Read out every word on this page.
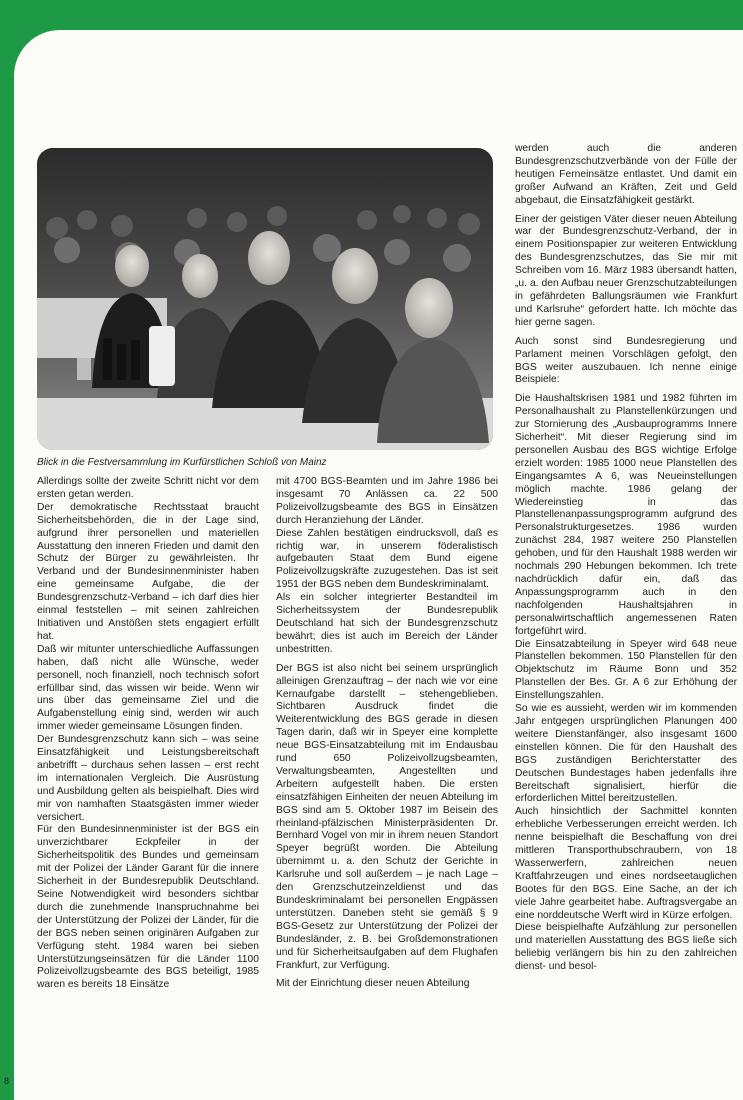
Blick in die Festversammlung im Kurfürstlichen Schloß von Mainz

Allerdings sollte der zweite Schritt nicht vor dem ersten getan werden.

Der demokratische Rechtsstaat braucht Sicherheitsbehörden, die in der Lage sind, aufgrund ihrer personellen und materiellen Ausstattung den inneren Frieden und damit den Schutz der Bürger zu gewährleisten. Ihr Verband und der Bundesinnenminister haben eine gemeinsame Aufgabe, die der Bundesgrenzschutz-Verband – ich darf dies hier einmal feststellen – mit seinen zahlreichen Initiativen und Anstößen stets engagiert erfüllt hat.

Daß wir mitunter unterschiedliche Auffassungen haben, daß nicht alle Wünsche, weder personell, noch finanziell, noch technisch sofort erfüllbar sind, das wissen wir beide. Wenn wir uns über das gemeinsame Ziel und die Aufgabenstellung einig sind, werden wir auch immer wieder gemeinsame Lösungen finden.

Der Bundesgrenzschutz kann sich – was seine Einsatzfähigkeit und Leistungsbereitschaft anbetrifft – durchaus sehen lassen – erst recht im internationalen Vergleich. Die Ausrüstung und Ausbildung gelten als beispielhaft. Dies wird mir von namhaften Staatsgästen immer wieder versichert.

Für den Bundesinnenminister ist der BGS ein unverzichtbarer Eckpfeiler in der Sicherheitspolitik des Bundes und gemeinsam mit der Polizei der Länder Garant für die innere Sicherheit in der Bundesrepublik Deutschland. Seine Notwendigkeit wird besonders sichtbar durch die zunehmende Inanspruchnahme bei der Unterstützung der Polizei der Länder, für die der BGS neben seinen originären Aufgaben zur Verfügung steht. 1984 waren bei sieben Unterstützungseinsätzen für die Länder 1100 Polizeivollzugsbeamte des BGS beteiligt, 1985 waren es bereits 18 Einsätze

mit 4700 BGS-Beamten und im Jahre 1986 bei insgesamt 70 Anlässen ca. 22 500 Polizeivollzugsbeamte des BGS in Einsätzen durch Heranziehung der Länder.

Diese Zahlen bestätigen eindrucksvoll, daß es richtig war, in unserem föderalistisch aufgebauten Staat dem Bund eigene Polizeivollzugskräfte zuzugestehen. Das ist seit 1951 der BGS neben dem Bundeskriminalamt.

Als ein solcher integrierter Bestandteil im Sicherheitssystem der Bundesrepublik Deutschland hat sich der Bundesgrenzschutz bewährt; dies ist auch im Bereich der Länder unbestritten.

Der BGS ist also nicht bei seinem ursprünglich alleinigen Grenzauftrag – der nach wie vor eine Kernaufgabe darstellt – stehengeblieben. Sichtbaren Ausdruck findet die Weiterentwicklung des BGS gerade in diesen Tagen darin, daß wir in Speyer eine komplette neue BGS-Einsatzabteilung mit im Endausbau rund 650 Polizeivollzugsbeamten, Verwaltungsbeamten, Angestellten und Arbeitern aufgestellt haben. Die ersten einsatzfähigen Einheiten der neuen Abteilung im BGS sind am 5. Oktober 1987 im Beisein des rheinland-pfälzischen Ministerpräsidenten Dr. Bernhard Vogel von mir in ihrem neuen Standort Speyer begrüßt worden. Die Abteilung übernimmt u. a. den Schutz der Gerichte in Karlsruhe und soll außerdem – je nach Lage – den Grenzschutzeinzeldienst und das Bundeskriminalamt bei personellen Engpässen unterstützen. Daneben steht sie gemäß § 9 BGS-Gesetz zur Unterstützung der Polizei der Bundesländer, z. B. bei Großdemonstrationen und für Sicherheitsaufgaben auf dem Flughafen Frankfurt, zur Verfügung.

Mit der Einrichtung dieser neuen Abteilung

werden auch die anderen Bundesgrenzschutzverbände von der Fülle der heutigen Ferneinsätze entlastet. Und damit ein großer Aufwand an Kräften, Zeit und Geld abgebaut, die Einsatzfähigkeit gestärkt.

Einer der geistigen Väter dieser neuen Abteilung war der Bundesgrenzschutz-Verband, der in einem Positionspapier zur weiteren Entwicklung des Bundesgrenzschutzes, das Sie mir mit Schreiben vom 16. März 1983 übersandt hatten, „u. a. den Aufbau neuer Grenzschutzabteilungen in gefährdeten Ballungsräumen wie Frankfurt und Karlsruhe“ gefordert hatte. Ich möchte das hier gerne sagen.

Auch sonst sind Bundesregierung und Parlament meinen Vorschlägen gefolgt, den BGS weiter auszubauen. Ich nenne einige Beispiele:

Die Haushaltskrisen 1981 und 1982 führten im Personalhaushalt zu Planstellenkürzungen und zur Stornierung des „Ausbauprogramms Innere Sicherheit“. Mit dieser Regierung sind im personellen Ausbau des BGS wichtige Erfolge erzielt worden: 1985 1000 neue Planstellen des Eingangsamtes A 6, was Neueinstellungen möglich machte. 1986 gelang der Wiedereinstieg in das Planstellenanpassungsprogramm aufgrund des Personalstrukturgesetzes. 1986 wurden zunächst 284, 1987 weitere 250 Planstellen gehoben, und für den Haushalt 1988 werden wir nochmals 290 Hebungen bekommen. Ich trete nachdrücklich dafür ein, daß das Anpassungsprogramm auch in den nachfolgenden Haushaltsjahren in personalwirtschaftlich angemessenen Raten fortgeführt wird.

Die Einsatzabteilung in Speyer wird 648 neue Planstellen bekommen. 150 Planstellen für den Objektschutz im Räume Bonn und 352 Planstellen der Bes. Gr. A 6 zur Erhöhung der Einstellungszahlen.

So wie es aussieht, werden wir im kommenden Jahr entgegen ursprünglichen Planungen 400 weitere Dienstanfänger, also insgesamt 1600 einstellen können. Die für den Haushalt des BGS zuständigen Berichterstatter des Deutschen Bundestages haben jedenfalls ihre Bereitschaft signalisiert, hierfür die erforderlichen Mittel bereitzustellen.

Auch hinsichtlich der Sachmittel konnten erhebliche Verbesserungen erreicht werden. Ich nenne beispielhaft die Beschaffung von drei mittleren Transporthubschraubern, von 18 Wasserwerfern, zahlreichen neuen Kraftfahrzeugen und eines nordseetauglichen Bootes für den BGS. Eine Sache, an der ich viele Jahre gearbeitet habe. Auftragsvergabe an eine norddeutsche Werft wird in Kürze erfolgen.

Diese beispielhafte Aufzählung zur personellen und materiellen Ausstattung des BGS ließe sich beliebig verlängern bis hin zu den zahlreichen dienst- und besol-

8
